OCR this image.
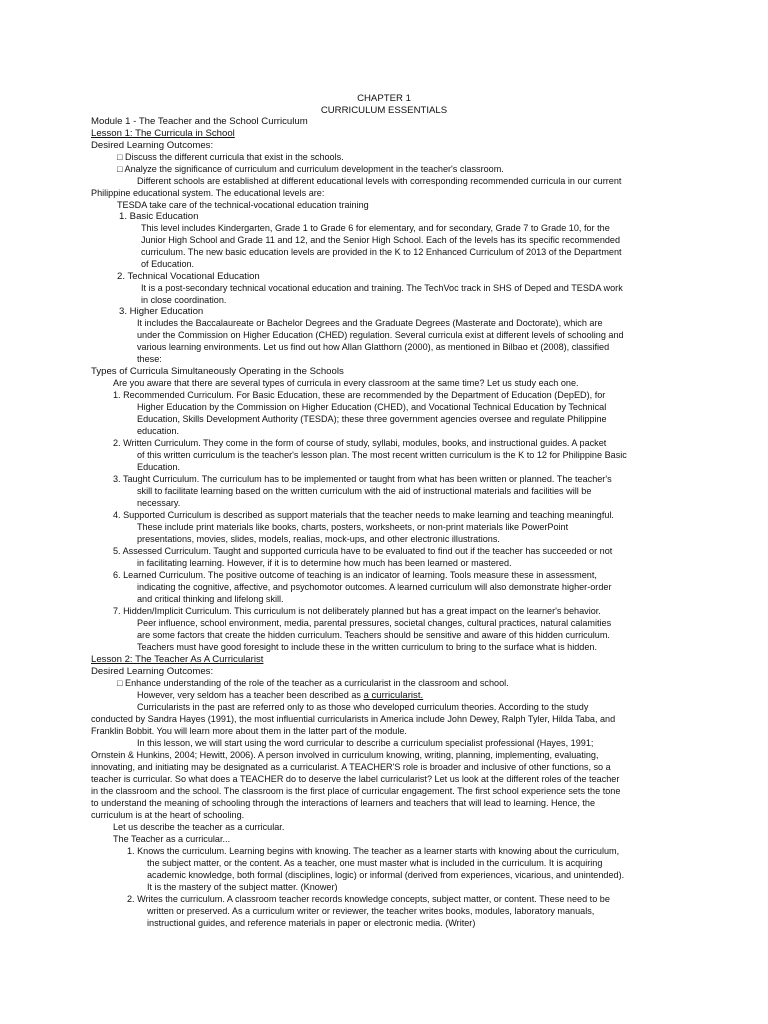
CHAPTER 1
CURRICULUM ESSENTIALS
Module 1 - The Teacher and the School Curriculum
Lesson 1: The Curricula in School
Desired Learning Outcomes:
□ Discuss the different curricula that exist in the schools.
□ Analyze the significance of curriculum and curriculum development in the teacher's classroom.
Different schools are established at different educational levels with corresponding recommended curricula in our current
Philippine educational system. The educational levels are:
TESDA take care of the technical-vocational education training
1. Basic Education
This level includes Kindergarten, Grade 1 to Grade 6 for elementary, and for secondary, Grade 7 to Grade 10, for the
Junior High School and Grade 11 and 12, and the Senior High School. Each of the levels has its specific recommended
curriculum. The new basic education levels are provided in the K to 12 Enhanced Curriculum of 2013 of the Department
of Education.
2. Technical Vocational Education
It is a post-secondary technical vocational education and training. The TechVoc track in SHS of Deped and TESDA work
in close coordination.
3. Higher Education
It includes the Baccalaureate or Bachelor Degrees and the Graduate Degrees (Masterate and Doctorate), which are
under the Commission on Higher Education (CHED) regulation. Several curricula exist at different levels of schooling and
various learning environments. Let us find out how Allan Glatthorn (2000), as mentioned in Bilbao et (2008), classified
these:
Types of Curricula Simultaneously Operating in the Schools
Are you aware that there are several types of curricula in every classroom at the same time? Let us study each one.
1. Recommended Curriculum. For Basic Education, these are recommended by the Department of Education (DepED), for
Higher Education by the Commission on Higher Education (CHED), and Vocational Technical Education by Technical
Education, Skills Development Authority (TESDA); these three government agencies oversee and regulate Philippine
education.
2. Written Curriculum. They come in the form of course of study, syllabi, modules, books, and instructional guides. A packet
of this written curriculum is the teacher's lesson plan. The most recent written curriculum is the K to 12 for Philippine Basic
Education.
3. Taught Curriculum. The curriculum has to be implemented or taught from what has been written or planned. The teacher's
skill to facilitate learning based on the written curriculum with the aid of instructional materials and facilities will be
necessary.
4. Supported Curriculum is described as support materials that the teacher needs to make learning and teaching meaningful.
These include print materials like books, charts, posters, worksheets, or non-print materials like PowerPoint
presentations, movies, slides, models, realias, mock-ups, and other electronic illustrations.
5. Assessed Curriculum. Taught and supported curricula have to be evaluated to find out if the teacher has succeeded or not
in facilitating learning. However, if it is to determine how much has been learned or mastered.
6. Learned Curriculum. The positive outcome of teaching is an indicator of learning. Tools measure these in assessment,
indicating the cognitive, affective, and psychomotor outcomes. A learned curriculum will also demonstrate higher-order
and critical thinking and lifelong skill.
7. Hidden/Implicit Curriculum. This curriculum is not deliberately planned but has a great impact on the learner's behavior.
Peer influence, school environment, media, parental pressures, societal changes, cultural practices, natural calamities
are some factors that create the hidden curriculum. Teachers should be sensitive and aware of this hidden curriculum.
Teachers must have good foresight to include these in the written curriculum to bring to the surface what is hidden.
Lesson 2: The Teacher As A Curricularist
Desired Learning Outcomes:
□ Enhance understanding of the role of the teacher as a curricularist in the classroom and school.
However, very seldom has a teacher been described as a curricularist.
Curricularists in the past are referred only to as those who developed curriculum theories. According to the study
conducted by Sandra Hayes (1991), the most influential curricularists in America include John Dewey, Ralph Tyler, Hilda Taba, and
Franklin Bobbit. You will learn more about them in the latter part of the module.
In this lesson, we will start using the word curricular to describe a curriculum specialist professional (Hayes, 1991;
Ornstein & Hunkins, 2004; Hewitt, 2006). A person involved in curriculum knowing, writing, planning, implementing, evaluating,
innovating, and initiating may be designated as a curricularist. A TEACHER'S role is broader and inclusive of other functions, so a
teacher is curricular. So what does a TEACHER do to deserve the label curricularist? Let us look at the different roles of the teacher
in the classroom and the school. The classroom is the first place of curricular engagement. The first school experience sets the tone
to understand the meaning of schooling through the interactions of learners and teachers that will lead to learning. Hence, the
curriculum is at the heart of schooling.
Let us describe the teacher as a curricular.
The Teacher as a curricular...
1. Knows the curriculum. Learning begins with knowing. The teacher as a learner starts with knowing about the curriculum,
the subject matter, or the content. As a teacher, one must master what is included in the curriculum. It is acquiring
academic knowledge, both formal (disciplines, logic) or informal (derived from experiences, vicarious, and unintended).
It is the mastery of the subject matter. (Knower)
2. Writes the curriculum. A classroom teacher records knowledge concepts, subject matter, or content. These need to be
written or preserved. As a curriculum writer or reviewer, the teacher writes books, modules, laboratory manuals,
instructional guides, and reference materials in paper or electronic media. (Writer)
